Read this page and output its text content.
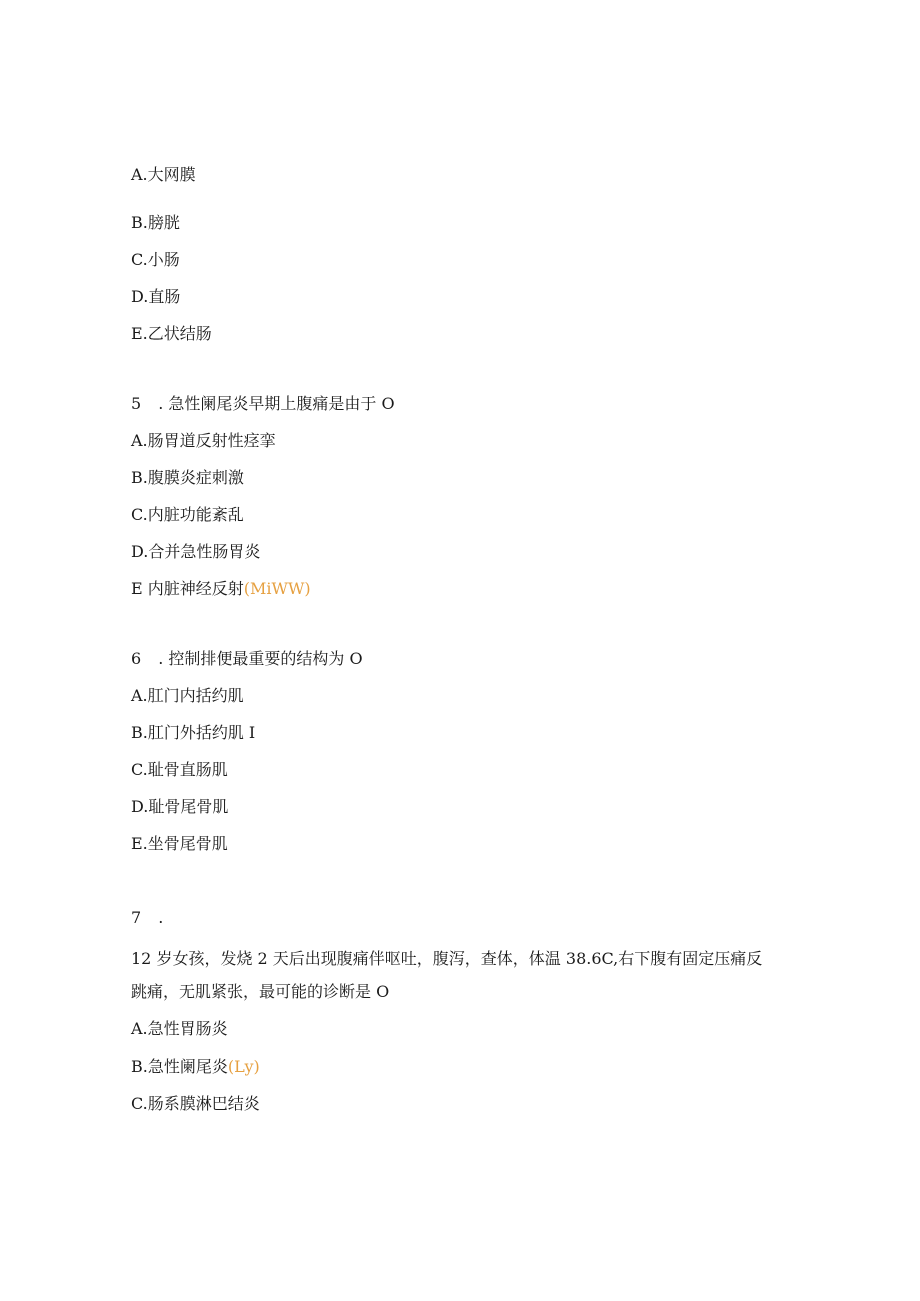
A.大网膜
B.膀胱
C.小肠
D.直肠
E.乙状结肠
5 . 急性阑尾炎早期上腹痛是由于 O
A.肠胃道反射性痉挛
B.腹膜炎症刺激
C.内脏功能紊乱
D.合并急性肠胃炎
E 内脏神经反射(MiWW)
6 . 控制排便最重要的结构为 O
A.肛门内括约肌
B.肛门外括约肌 I
C.耻骨直肠肌
D.耻骨尾骨肌
E.坐骨尾骨肌
7 .
12 岁女孩，发烧 2 天后出现腹痛伴呕吐，腹泻，查体，体温 38.6C,右下腹有固定压痛反
跳痛，无肌紧张，最可能的诊断是 O
A.急性胃肠炎
B.急性阑尾炎(Ly)
C.肠系膜淋巴结炎
